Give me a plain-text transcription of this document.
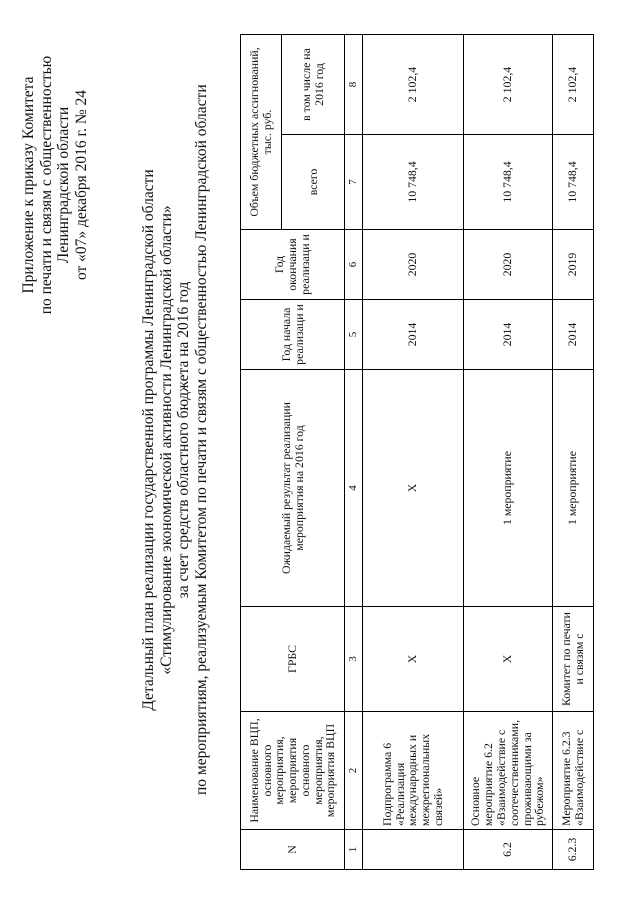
Приложение к приказу Комитета по печати и связям с общественностью Ленинградской области от «07» декабря 2016 г. № 24	Детальный план реализации государственной программы Ленинградской области «Стимулирование экономической активности Ленинградской области» за счет средств областного бюджета на 2016 год по мероприятиям, реализуемым Комитетом по печати и связям с общественностью Ленинградской области
N	Наименование ВЦП, основного мероприятия, мероприятия основного мероприятия, мероприятия ВЦП	ГРБС	Ожидаемый результат реализации мероприятия на 2016 год	Год начала реализаци и	Год окончания реализаци и	Объем бюджетных ассигнований, тыс. руб.	
						всего	в том числе на 2016 год
1	2	3	4	5	6	7	8
	Подпрограмма 6 «Реализация международных и межрегиональных связей»	Х	Х	2014	2020	10 748,4	2 102,4
6.2	Основное мероприятие 6.2 «Взаимодействие с соотечественниками, проживающими за рубежом»	Х	1 мероприятие	2014	2020	10 748,4	2 102,4
6.2.3	Мероприятие 6.2.3 «Взаимодействие с	Комитет по печати и связям с	1 мероприятие	2014	2019	10 748,4	2 102,4
